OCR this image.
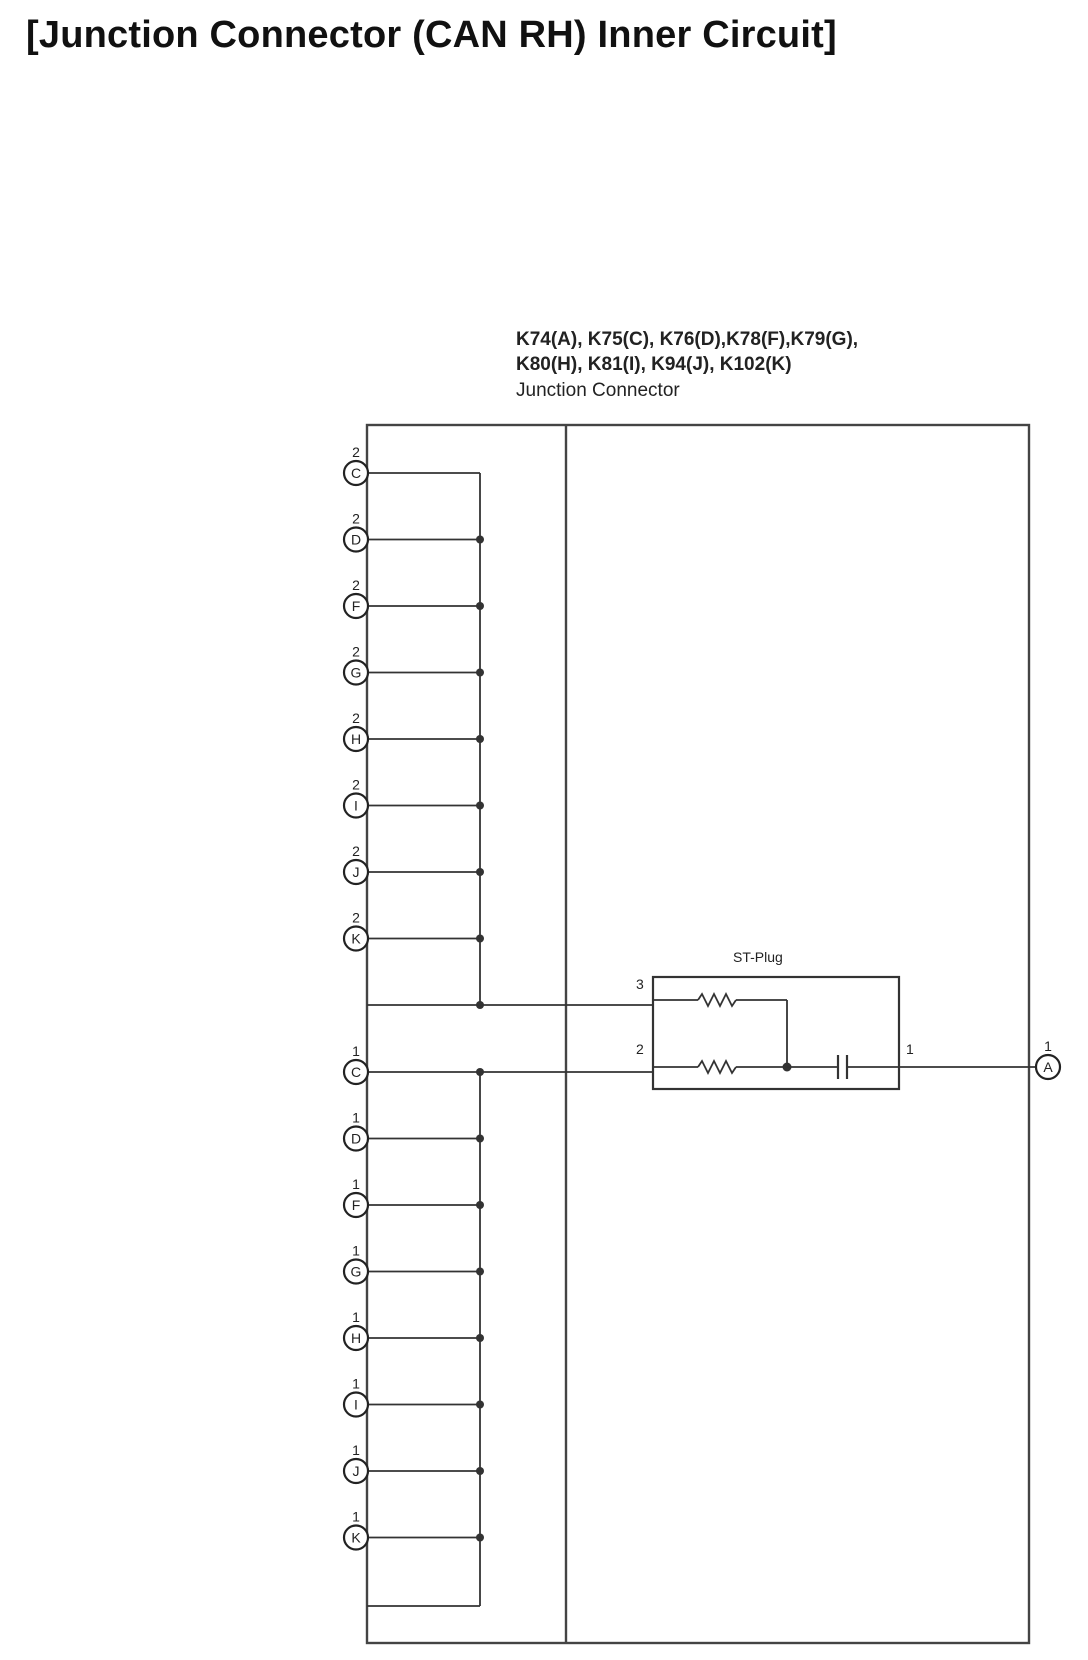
[Junction Connector (CAN RH) Inner Circuit]
K74(A), K75(C), K76(D),K78(F),K79(G),
K80(H), K81(I), K94(J), K102(K)
Junction Connector
C
2
D
2
F
2
G
2
H
2
I
2
J
2
K
2
C
1
D
1
F
1
G
1
H
1
I
1
J
1
K
1
A
1
ST-Plug
3
2	1
